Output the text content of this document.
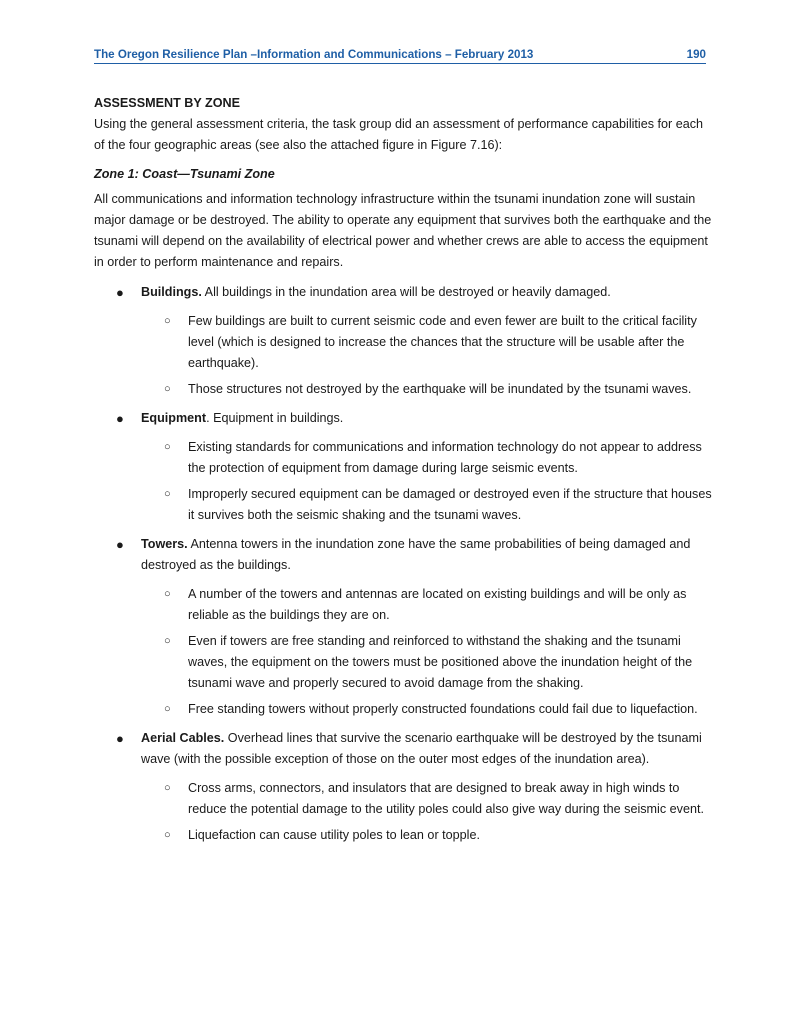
The Oregon Resilience Plan –Information and Communications – February 2013	190
ASSESSMENT BY ZONE

Using the general assessment criteria, the task group did an assessment of performance capabilities for each of the four geographic areas (see also the attached figure in Figure 7.16):

Zone 1: Coast—Tsunami Zone

All communications and information technology infrastructure within the tsunami inundation zone will sustain major damage or be destroyed. The ability to operate any equipment that survives both the earthquake and the tsunami will depend on the availability of electrical power and whether crews are able to access the equipment in order to perform maintenance and repairs.

● Buildings. All buildings in the inundation area will be destroyed or heavily damaged.
○ Few buildings are built to current seismic code and even fewer are built to the critical facility level (which is designed to increase the chances that the structure will be usable after the earthquake).
○ Those structures not destroyed by the earthquake will be inundated by the tsunami waves.
● Equipment. Equipment in buildings.
○ Existing standards for communications and information technology do not appear to address the protection of equipment from damage during large seismic events.
○ Improperly secured equipment can be damaged or destroyed even if the structure that houses it survives both the seismic shaking and the tsunami waves.
● Towers. Antenna towers in the inundation zone have the same probabilities of being damaged and destroyed as the buildings.
○ A number of the towers and antennas are located on existing buildings and will be only as reliable as the buildings they are on.
○ Even if towers are free standing and reinforced to withstand the shaking and the tsunami waves, the equipment on the towers must be positioned above the inundation height of the tsunami wave and properly secured to avoid damage from the shaking.
○ Free standing towers without properly constructed foundations could fail due to liquefaction.
● Aerial Cables. Overhead lines that survive the scenario earthquake will be destroyed by the tsunami wave (with the possible exception of those on the outer most edges of the inundation area).
○ Cross arms, connectors, and insulators that are designed to break away in high winds to reduce the potential damage to the utility poles could also give way during the seismic event.
○ Liquefaction can cause utility poles to lean or topple.
